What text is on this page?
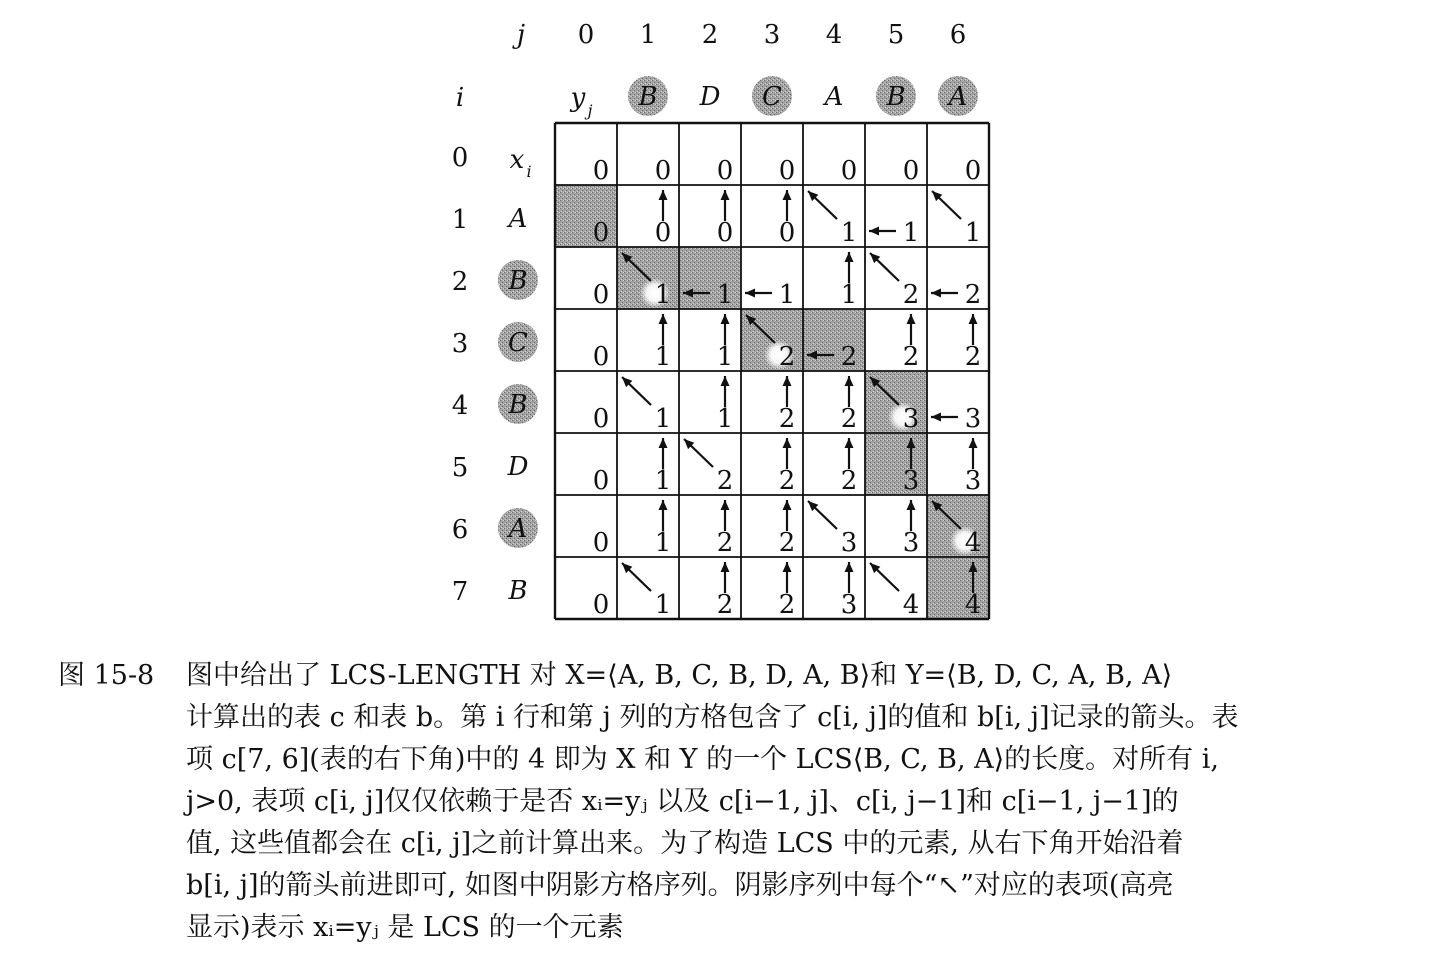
j
i
0 1 2 3 4 5 6
y j B D C A B A
0
1
2
3
4
5
6
7
x i
A
B
C
B
D
A
B
0 0 0 0 0 0 0
0 0 0 0 1 1 1
0 1 1 1 1 2 2
0 1 1 2 2 2 2
0 1 1 2 2 3 3
0 1 2 2 2 3 3
0 1 2 2 3 3 4
0 1 2 2 3 4 4
图 15-8	图中给出了 LCS-LENGTH 对 X=⟨A, B, C, B, D, A, B⟩和 Y=⟨B, D, C, A, B, A⟩
计算出的表 c 和表 b。第 i 行和第 j 列的方格包含了 c[i, j]的值和 b[i, j]记录的箭头。表
项 c[7, 6](表的右下角)中的 4 即为 X 和 Y 的一个 LCS⟨B, C, B, A⟩的长度。对所有 i,
j>0, 表项 c[i, j]仅仅依赖于是否 xᵢ=yⱼ 以及 c[i−1, j]、c[i, j−1]和 c[i−1, j−1]的
值, 这些值都会在 c[i, j]之前计算出来。为了构造 LCS 中的元素, 从右下角开始沿着
b[i, j]的箭头前进即可, 如图中阴影方格序列。阴影序列中每个“↖”对应的表项(高亮
显示)表示 xᵢ=yⱼ 是 LCS 的一个元素
